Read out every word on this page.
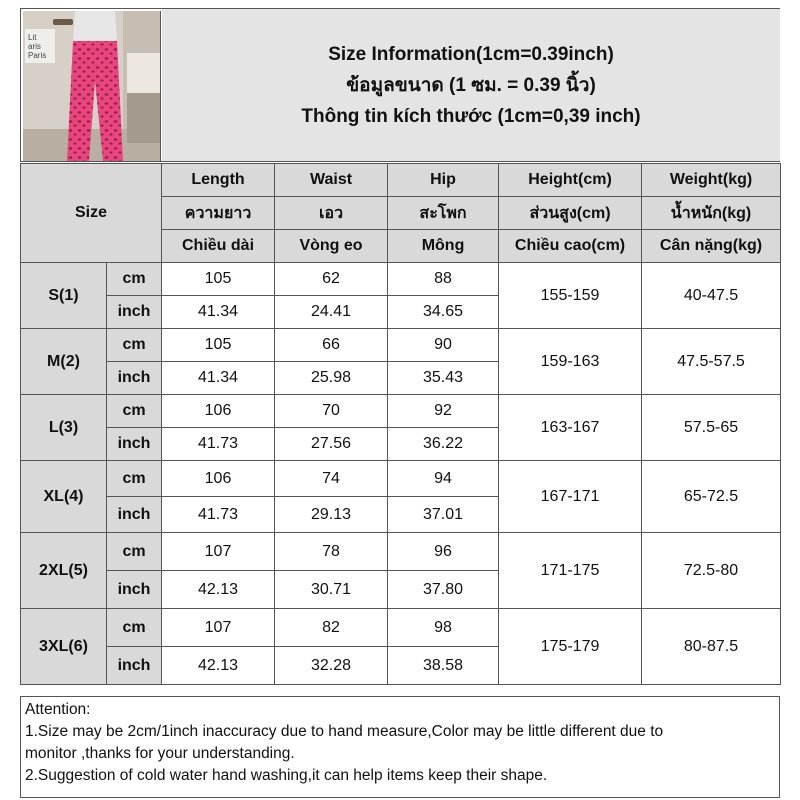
Lit
aris
Paris	Size Information(1cm=0.39inch)
ข้อมูลขนาด (1 ซม. = 0.39 นิ้ว)
Thông tin kích thước (1cm=0,39 inch)
Size		Length	Waist	Hip	Height(cm)	Weight(kg)
		ความยาว	เอว	สะโพก	ส่วนสูง(cm)	น้ำหนัก(kg)
		Chiều dài	Vòng eo	Mông	Chiều cao(cm)	Cân nặng(kg)
S(1)	cm	105	62	88	155-159	40-47.5
	inch	41.34	24.41	34.65		
M(2)	cm	105	66	90	159-163	47.5-57.5
	inch	41.34	25.98	35.43		
L(3)	cm	106	70	92	163-167	57.5-65
	inch	41.73	27.56	36.22		
XL(4)	cm	106	74	94	167-171	65-72.5
	inch	41.73	29.13	37.01		
2XL(5)	cm	107	78	96	171-175	72.5-80
	inch	42.13	30.71	37.80		
3XL(6)	cm	107	82	98	175-179	80-87.5
	inch	42.13	32.28	38.58		
Attention:
1.Size may be 2cm/1inch inaccuracy due to hand measure,Color may be little different due to
monitor ,thanks for your understanding.
2.Suggestion of cold water hand washing,it can help items keep their shape.
